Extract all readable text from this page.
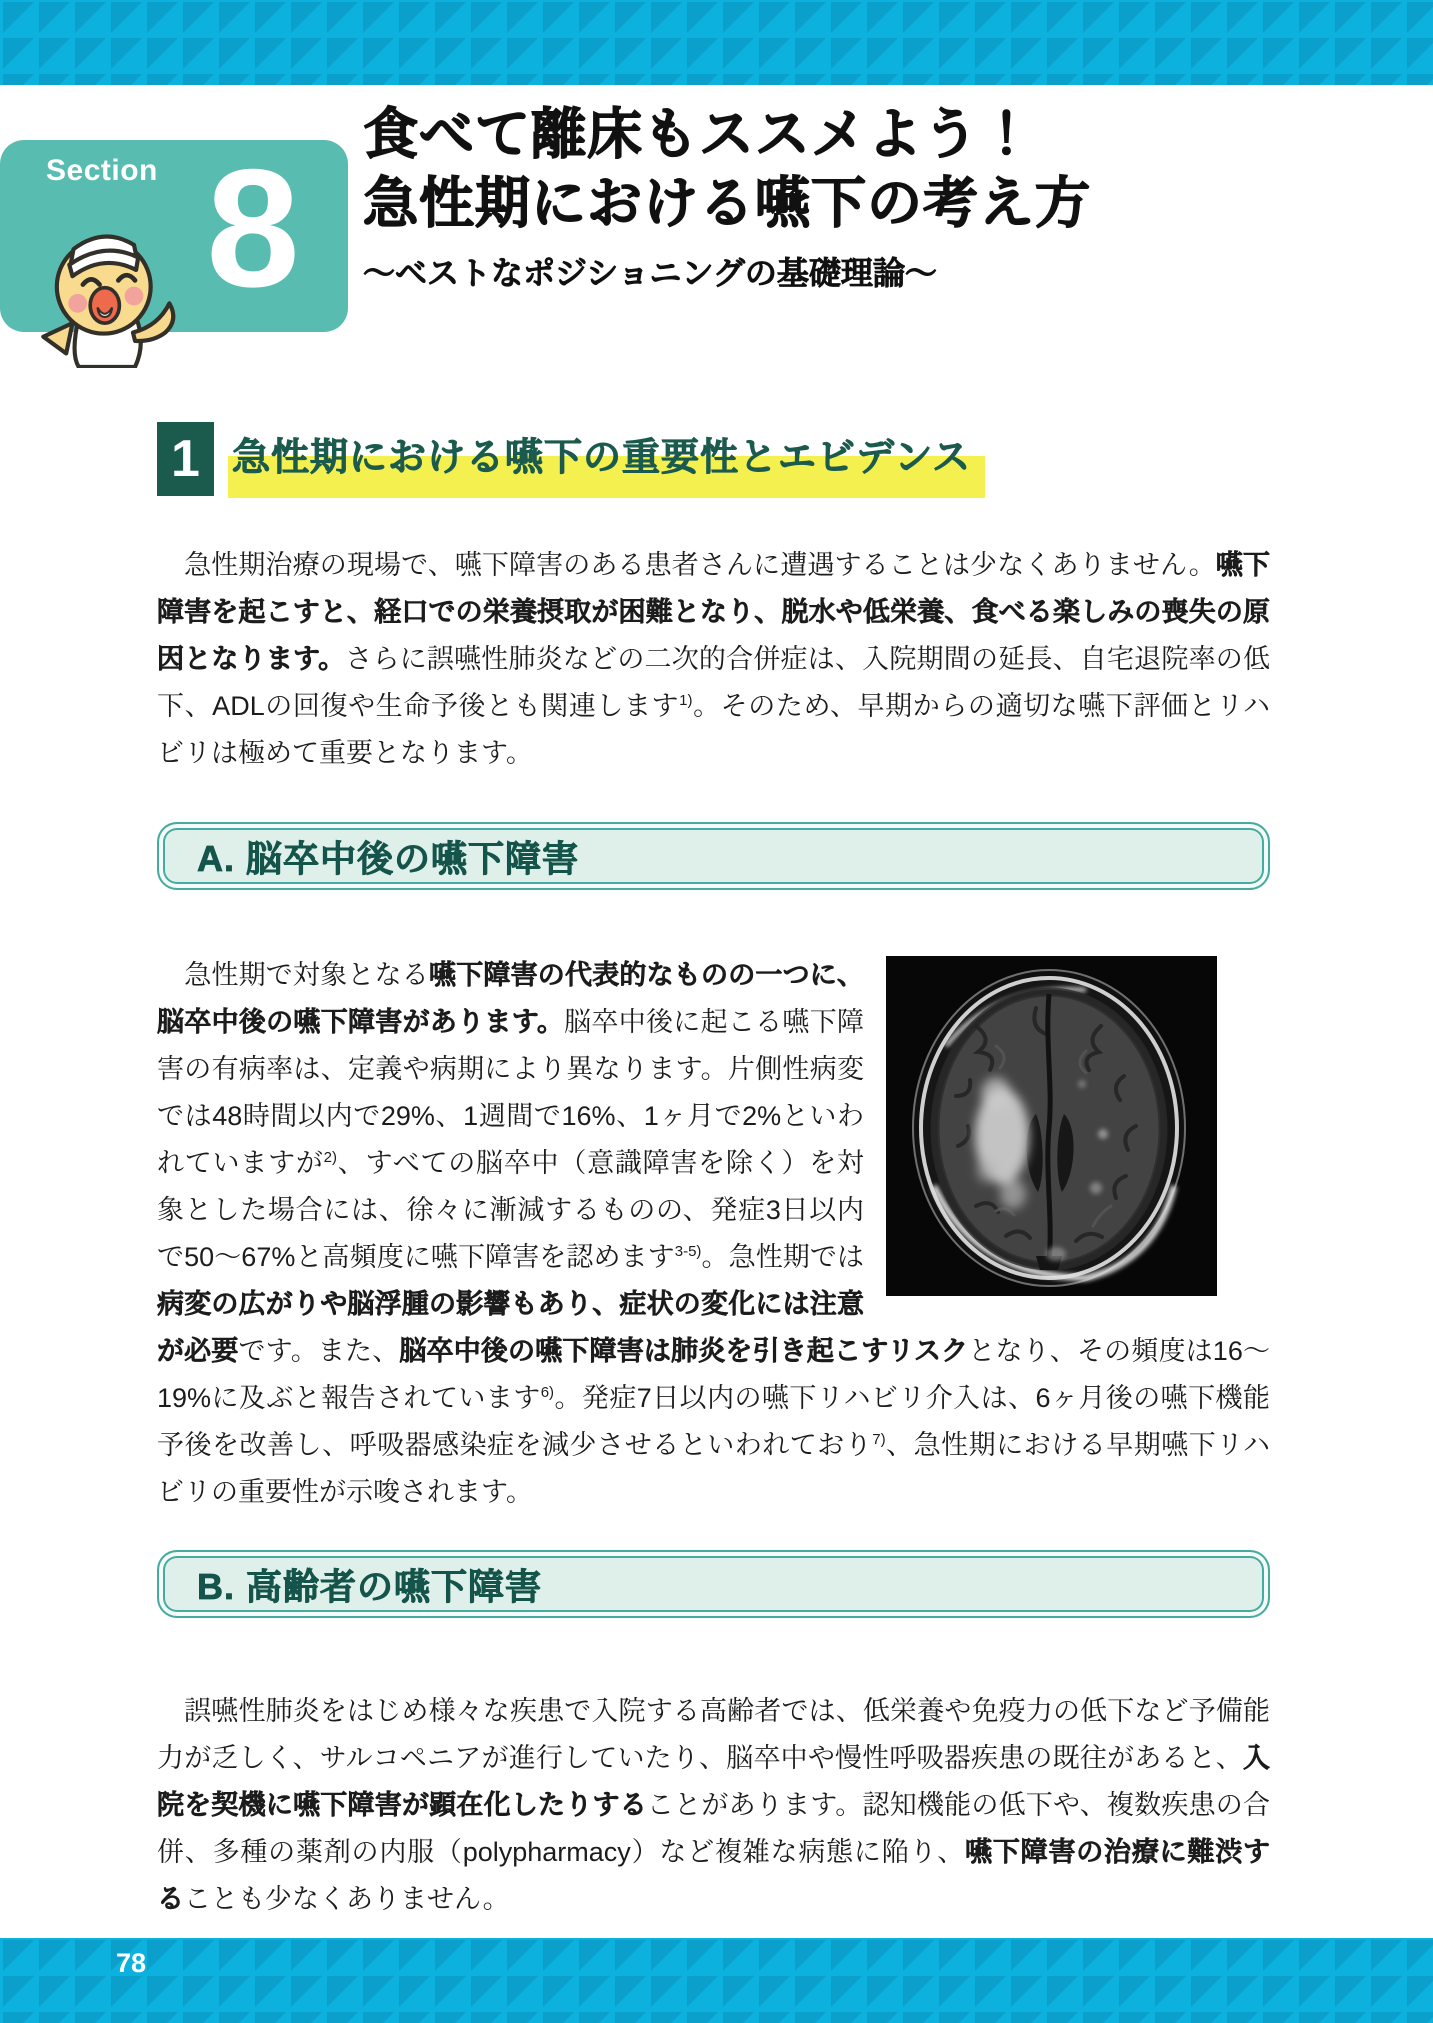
Section 8	食べて離床もススメよう！
急性期における嚥下の考え方
～ベストなポジショニングの基礎理論～
1 急性期における嚥下の重要性とエビデンス

　急性期治療の現場で、嚥下障害のある患者さんに遭遇することは少なくありません。嚥下障害を起こすと、経口での栄養摂取が困難となり、脱水や低栄養、食べる楽しみの喪失の原因となります。さらに誤嚥性肺炎などの二次的合併症は、入院期間の延長、自宅退院率の低下、ADLの回復や生命予後とも関連します$^{1)}$。そのため、早期からの適切な嚥下評価とリハビリは極めて重要となります。

A. 脳卒中後の嚥下障害

　急性期で対象となる嚥下障害の代表的なものの一つに、脳卒中後の嚥下障害があります。脳卒中後に起こる嚥下障害の有病率は、定義や病期により異なります。片側性病変では48時間以内で29%、1週間で16%、1ヶ月で2%といわれていますが$^{2)}$、すべての脳卒中（意識障害を除く）を対象とした場合には、徐々に漸減するものの、発症3日以内で50～67%と高頻度に嚥下障害を認めます$^{3-5)}$。急性期では病変の広がりや脳浮腫の影響もあり、症状の変化には注意が必要です。また、脳卒中後の嚥下障害は肺炎を引き起こすリスクとなり、その頻度は16～19%に及ぶと報告されています$^{6)}$。発症7日以内の嚥下リハビリ介入は、6ヶ月後の嚥下機能予後を改善し、呼吸器感染症を減少させるといわれており$^{7)}$、急性期における早期嚥下リハビリの重要性が示唆されます。

B. 高齢者の嚥下障害

　誤嚥性肺炎をはじめ様々な疾患で入院する高齢者では、低栄養や免疫力の低下など予備能力が乏しく、サルコペニアが進行していたり、脳卒中や慢性呼吸器疾患の既往があると、入院を契機に嚥下障害が顕在化したりすることがあります。認知機能の低下や、複数疾患の合併、多種の薬剤の内服（polypharmacy）など複雑な病態に陥り、嚥下障害の治療に難渋することも少なくありません。

78
